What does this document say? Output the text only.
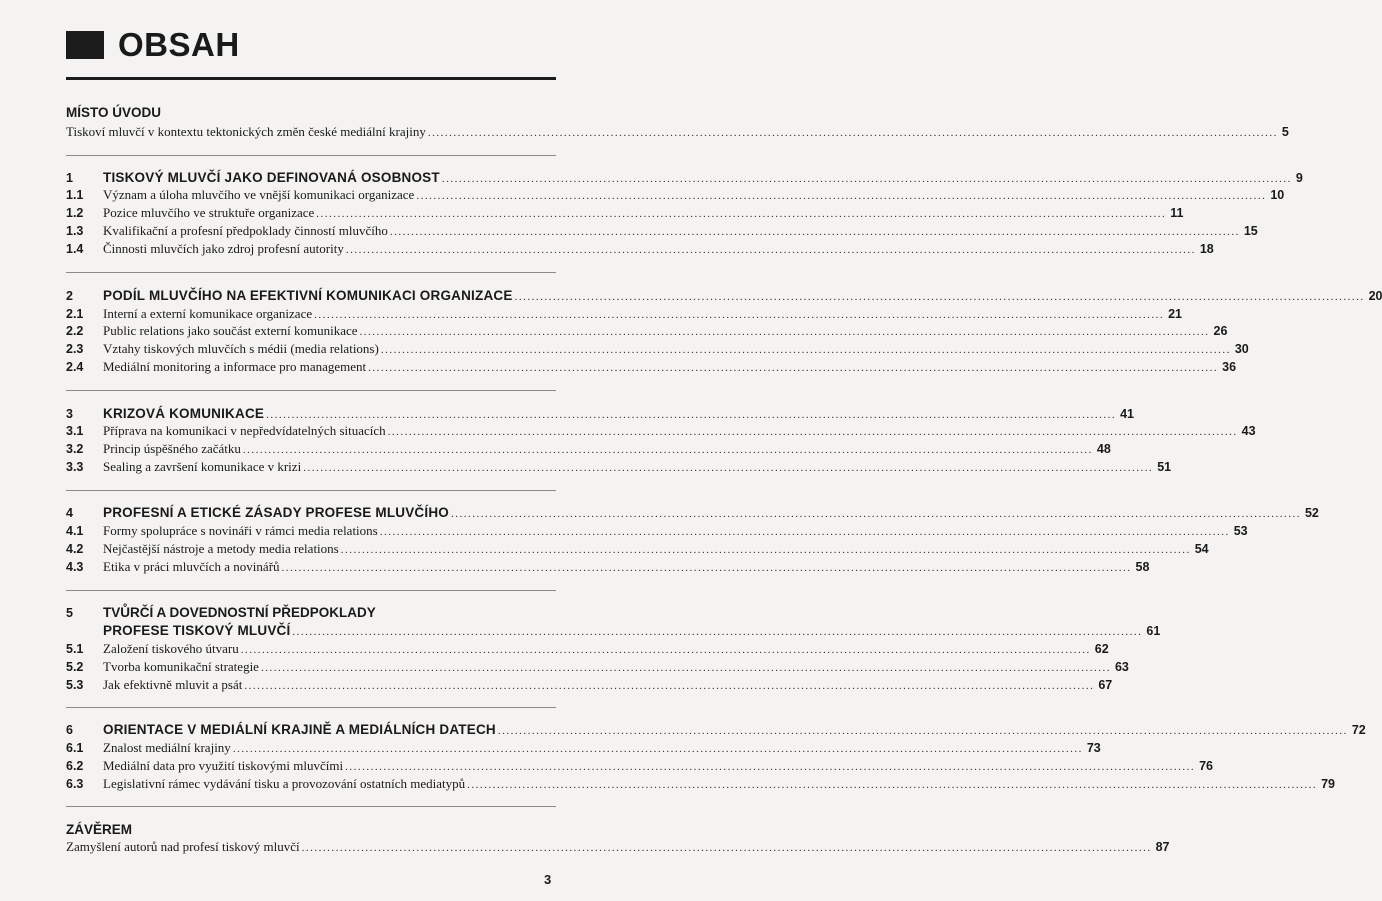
OBSAH
MÍSTO ÚVODU
Tiskoví mluvčí v kontextu tektonických změn české mediální krajiny ........................................................................................................................................................................................................ 5
1	TISKOVÝ MLUVČÍ JAKO DEFINOVANÁ OSOBNOST ........................................................................................................................................................................................................ 9
1.1	Význam a úloha mluvčího ve vnější komunikaci organizace ........................................................................................................................................................................................................ 10
1.2	Pozice mluvčího ve struktuře organizace ........................................................................................................................................................................................................ 11
1.3	Kvalifikační a profesní předpoklady činností mluvčího ........................................................................................................................................................................................................ 15
1.4	Činnosti mluvčích jako zdroj profesní autority ........................................................................................................................................................................................................ 18
2	PODÍL MLUVČÍHO NA EFEKTIVNÍ KOMUNIKACI ORGANIZACE ........................................................................................................................................................................................................ 20
2.1	Interní a externí komunikace organizace ........................................................................................................................................................................................................ 21
2.2	Public relations jako součást externí komunikace ........................................................................................................................................................................................................ 26
2.3	Vztahy tiskových mluvčích s médii (media relations) ........................................................................................................................................................................................................ 30
2.4	Mediální monitoring a informace pro management ........................................................................................................................................................................................................ 36
3	KRIZOVÁ KOMUNIKACE ........................................................................................................................................................................................................ 41
3.1	Příprava na komunikaci v nepředvídatelných situacích ........................................................................................................................................................................................................ 43
3.2	Princip úspěšného začátku ........................................................................................................................................................................................................ 48
3.3	Sealing a završení komunikace v krizi ........................................................................................................................................................................................................ 51
4	PROFESNÍ A ETICKÉ ZÁSADY PROFESE MLUVČÍHO ........................................................................................................................................................................................................ 52
4.1	Formy spolupráce s novináři v rámci media relations ........................................................................................................................................................................................................ 53
4.2	Nejčastější nástroje a metody media relations ........................................................................................................................................................................................................ 54
4.3	Etika v práci mluvčích a novinářů ........................................................................................................................................................................................................ 58
5	TVŮRČÍ A DOVEDNOSTNÍ PŘEDPOKLADY
PROFESE TISKOVÝ MLUVČÍ ........................................................................................................................................................................................................ 61
5.1	Založení tiskového útvaru ........................................................................................................................................................................................................ 62
5.2	Tvorba komunikační strategie ........................................................................................................................................................................................................ 63
5.3	Jak efektivně mluvit a psát ........................................................................................................................................................................................................ 67
6	ORIENTACE V MEDIÁLNÍ KRAJINĚ A MEDIÁLNÍCH DATECH ........................................................................................................................................................................................................ 72
6.1	Znalost mediální krajiny ........................................................................................................................................................................................................ 73
6.2	Mediální data pro využití tiskovými mluvčími ........................................................................................................................................................................................................ 76
6.3	Legislativní rámec vydávání tisku a provozování ostatních mediatypů ........................................................................................................................................................................................................ 79
ZÁVĚREM
Zamyšlení autorů nad profesí tiskový mluvčí ........................................................................................................................................................................................................ 87
3
